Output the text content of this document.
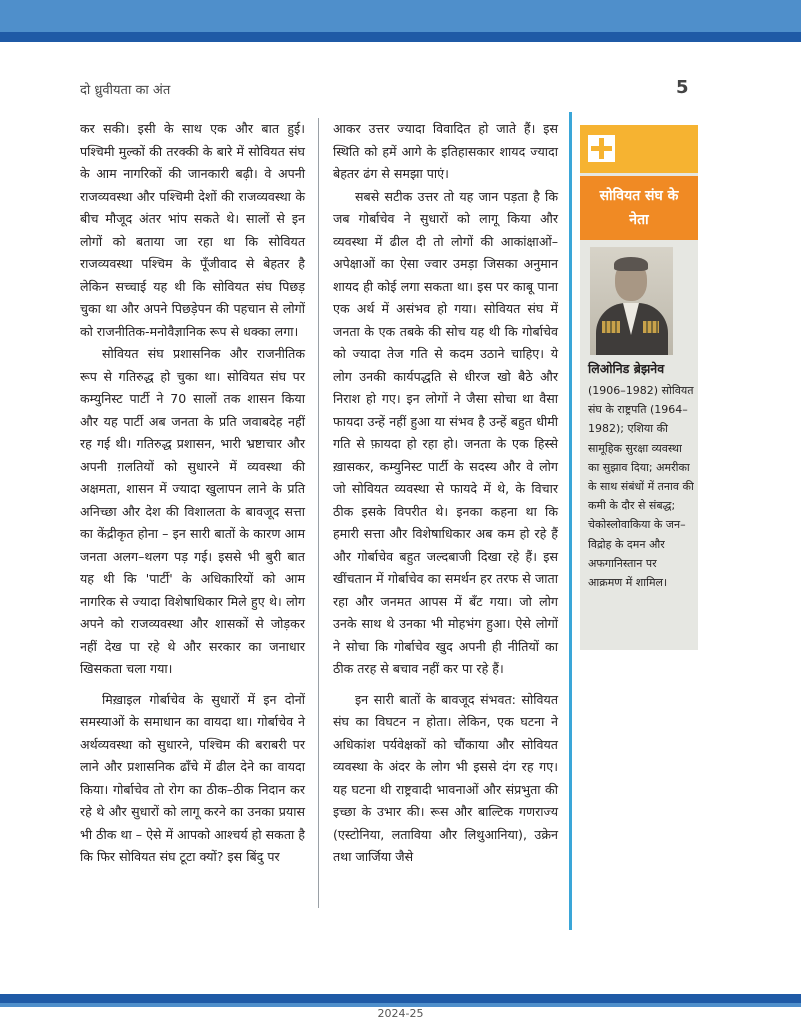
दो ध्रुवीयता का अंत	5

कर सकी। इसी के साथ एक और बात हुई। पश्चिमी मुल्कों की तरक्की के बारे में सोवियत संघ के आम नागरिकों की जानकारी बढ़ी। वे अपनी राजव्यवस्था और पश्चिमी देशों की राजव्यवस्था के बीच मौजूद अंतर भांप सकते थे। सालों से इन लोगों को बताया जा रहा था कि सोवियत राजव्यवस्था पश्चिम के पूँजीवाद से बेहतर है लेकिन सच्चाई यह थी कि सोवियत संघ पिछड़ चुका था और अपने पिछड़ेपन की पहचान से लोगों को राजनीतिक-मनोवैज्ञानिक रूप से धक्का लगा।

सोवियत संघ प्रशासनिक और राजनीतिक रूप से गतिरुद्ध हो चुका था। सोवियत संघ पर कम्युनिस्ट पार्टी ने 70 सालों तक शासन किया और यह पार्टी अब जनता के प्रति जवाबदेह नहीं रह गई थी। गतिरुद्ध प्रशासन, भारी भ्रष्टाचार और अपनी ग़लतियों को सुधारने में व्यवस्था की अक्षमता, शासन में ज्यादा खुलापन लाने के प्रति अनिच्छा और देश की विशालता के बावजूद सत्ता का केंद्रीकृत होना – इन सारी बातों के कारण आम जनता अलग–थलग पड़ गई। इससे भी बुरी बात यह थी कि 'पार्टी' के अधिकारियों को आम नागरिक से ज्यादा विशेषाधिकार मिले हुए थे। लोग अपने को राजव्यवस्था और शासकों से जोड़कर नहीं देख पा रहे थे और सरकार का जनाधार खिसकता चला गया।

मिख़ाइल गोर्बाचेव के सुधारों में इन दोनों समस्याओं के समाधान का वायदा था। गोर्बाचेव ने अर्थव्यवस्था को सुधारने, पश्चिम की बराबरी पर लाने और प्रशासनिक ढाँचे में ढील देने का वायदा किया। गोर्बाचेव तो रोग का ठीक–ठीक निदान कर रहे थे और सुधारों को लागू करने का उनका प्रयास भी ठीक था – ऐसे में आपको आश्चर्य हो सकता है कि फिर सोवियत संघ टूटा क्यों? इस बिंदु पर

आकर उत्तर ज्यादा विवादित हो जाते हैं। इस स्थिति को हमें आगे के इतिहासकार शायद ज्यादा बेहतर ढंग से समझा पाएं।

सबसे सटीक उत्तर तो यह जान पड़ता है कि जब गोर्बाचेव ने सुधारों को लागू किया और व्यवस्था में ढील दी तो लोगों की आकांक्षाओं–अपेक्षाओं का ऐसा ज्वार उमड़ा जिसका अनुमान शायद ही कोई लगा सकता था। इस पर काबू पाना एक अर्थ में असंभव हो गया। सोवियत संघ में जनता के एक तबके की सोच यह थी कि गोर्बाचेव को ज्यादा तेज गति से कदम उठाने चाहिए। ये लोग उनकी कार्यपद्धति से धीरज खो बैठे और निराश हो गए। इन लोगों ने जैसा सोचा था वैसा फायदा उन्हें नहीं हुआ या संभव है उन्हें बहुत धीमी गति से फ़ायदा हो रहा हो। जनता के एक हिस्से ख़ासकर, कम्युनिस्ट पार्टी के सदस्य और वे लोग जो सोवियत व्यवस्था से फायदे में थे, के विचार ठीक इसके विपरीत थे। इनका कहना था कि हमारी सत्ता और विशेषाधिकार अब कम हो रहे हैं और गोर्बाचेव बहुत जल्दबाजी दिखा रहे हैं। इस खींचतान में गोर्बाचेव का समर्थन हर तरफ से जाता रहा और जनमत आपस में बँट गया। जो लोग उनके साथ थे उनका भी मोहभंग हुआ। ऐसे लोगों ने सोचा कि गोर्बाचेव खुद अपनी ही नीतियों का ठीक तरह से बचाव नहीं कर पा रहे हैं।

इन सारी बातों के बावजूद संभवत: सोवियत संघ का विघटन न होता। लेकिन, एक घटना ने अधिकांश पर्यवेक्षकों को चौंकाया और सोवियत व्यवस्था के अंदर के लोग भी इससे दंग रह गए। यह घटना थी राष्ट्रवादी भावनाओं और संप्रभुता की इच्छा के उभार की। रूस और बाल्टिक गणराज्य (एस्टोनिया, लताविया और लिथुआनिया), उक्रेन तथा जार्जिया जैसे

सोवियत संघ के नेता
लिओनिड ब्रेझनेव

(1906–1982) सोवियत संघ के राष्ट्रपति (1964–1982); एशिया की सामूहिक सुरक्षा व्यवस्था का सुझाव दिया; अमरीका के साथ संबंधों में तनाव की कमी के दौर से संबद्ध; चेकोस्लोवाकिया के जन–विद्रोह के दमन और अफगानिस्तान पर आक्रमण में शामिल।

2024-25
